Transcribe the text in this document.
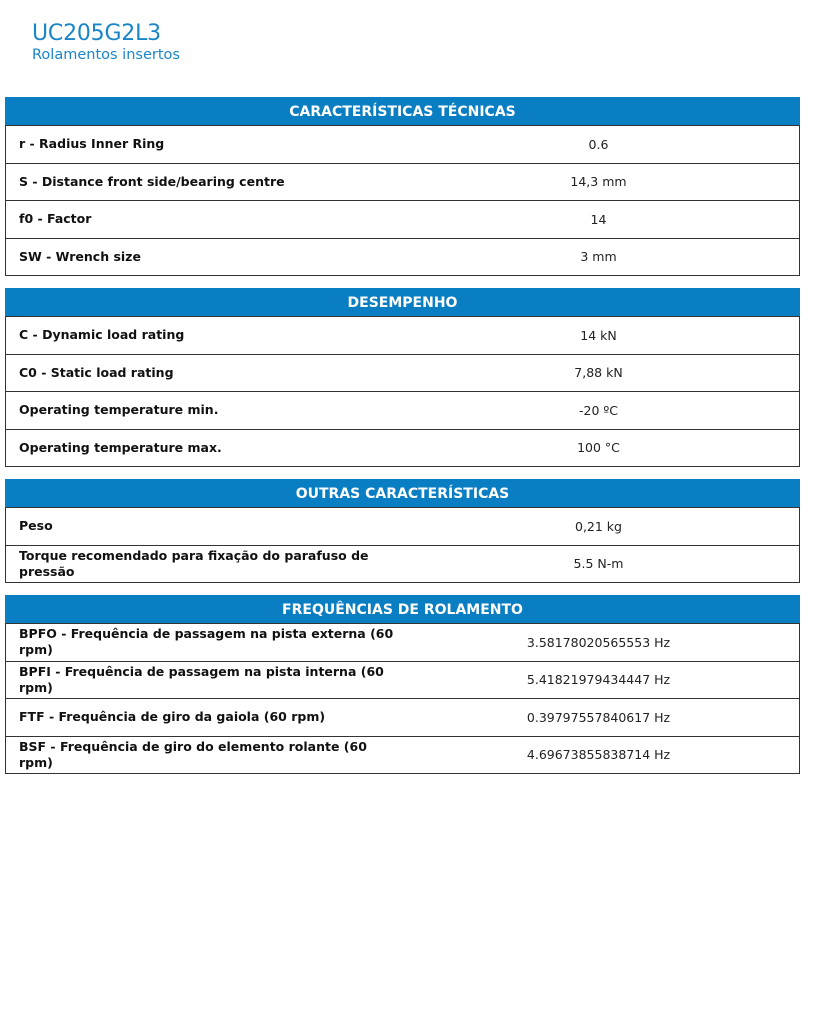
UC205G2L3
Rolamentos insertos
CARACTERÍSTICAS TÉCNICAS
r - Radius Inner Ring	0.6
S - Distance front side/bearing centre	14,3 mm
f0 - Factor	14
SW - Wrench size	3 mm
DESEMPENHO
C - Dynamic load rating	14 kN
C0 - Static load rating	7,88 kN
Operating temperature min.	-20 ºC
Operating temperature max.	100 °C
OUTRAS CARACTERÍSTICAS
Peso	0,21 kg
Torque recomendado para fixação do parafuso de pressão	5.5 N-m
FREQUÊNCIAS DE ROLAMENTO
BPFO - Frequência de passagem na pista externa (60 rpm)	3.58178020565553 Hz
BPFI - Frequência de passagem na pista interna (60 rpm)	5.41821979434447 Hz
FTF - Frequência de giro da gaiola (60 rpm)	0.39797557840617 Hz
BSF - Frequência de giro do elemento rolante (60 rpm)	4.69673855838714 Hz
